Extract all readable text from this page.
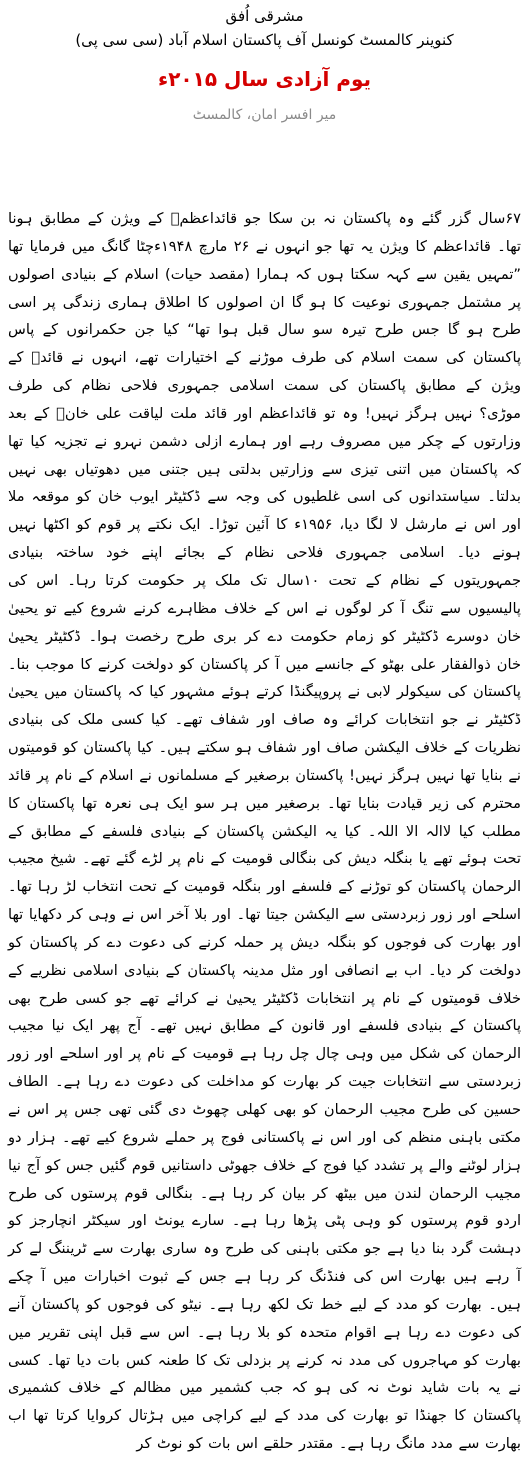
مشرقی اُفق
کنوینر کالمسٹ کونسل آف پاکستان اسلام آباد (سی سی پی)
یوم آزادی سال ۲۰۱۵ء
میر افسر امان، کالمسٹ

۶۷سال گزر گئے وہ پاکستان نہ بن سکا جو قائداعظمؒ کے ویژن کے مطابق ہونا تھا۔ قائداعظم کا ویژن یہ تھا جو انہوں نے ۲۶ مارچ ۱۹۴۸ءچٹا گانگ میں فرمایا تھا ”تمہیں یقین سے کہہ سکتا ہوں کہ ہمارا (مقصد حیات) اسلام کے بنیادی اصولوں پر مشتمل جمہوری نوعیت کا ہو گا ان اصولوں کا اطلاق ہماری زندگی پر اسی طرح ہو گا جس طرح تیرہ سو سال قبل ہوا تھا“ کیا جن حکمرانوں کے پاس پاکستان کی سمت اسلام کی طرف موڑنے کے اختیارات تھے، انہوں نے قائدؒ کے ویژن کے مطابق پاکستان کی سمت اسلامی جمہوری فلاحی نظام کی طرف موڑی؟ نہیں ہرگز نہیں! وہ تو قائداعظم اور قائد ملت لیاقت علی خانؒ کے بعد وزارتوں کے چکر میں مصروف رہے اور ہمارے ازلی دشمن نہرو نے تجزیہ کیا تھا کہ پاکستان میں اتنی تیزی سے وزارتیں بدلتی ہیں جتنی میں دھوتیاں بھی نہیں بدلتا۔ سیاستدانوں کی اسی غلطیوں کی وجہ سے ڈکٹیٹر ایوب خان کو موقعہ ملا اور اس نے مارشل لا لگا دیا، ۱۹۵۶ء کا آئین توڑا۔ ایک نکتے پر قوم کو اکٹھا نہیں ہونے دیا۔ اسلامی جمہوری فلاحی نظام کے بجائے اپنے خود ساختہ بنیادی جمہوریتوں کے نظام کے تحت ۱۰سال تک ملک پر حکومت کرتا رہا۔ اس کی پالیسیوں سے تنگ آ کر لوگوں نے اس کے خلاف مظاہرے کرنے شروع کیے تو یحییٰ خان دوسرے ڈکٹیٹر کو زمام حکومت دے کر بری طرح رخصت ہوا۔ ڈکٹیٹر یحییٰ خان ذوالفقار علی بھٹو کے جانسے میں آ کر پاکستان کو دولخت کرنے کا موجب بنا۔ پاکستان کی سیکولر لابی نے پروپیگنڈا کرتے ہوئے مشہور کیا کہ پاکستان میں یحییٰ ڈکٹیٹر نے جو انتخابات کرائے وہ صاف اور شفاف تھے۔ کیا کسی ملک کی بنیادی نظریات کے خلاف الیکشن صاف اور شفاف ہو سکتے ہیں۔ کیا پاکستان کو قومیتوں نے بنایا تھا نہیں ہرگز نہیں! پاکستان برصغیر کے مسلمانوں نے اسلام کے نام پر قائد محترم کی زیر قیادت بنایا تھا۔ برصغیر میں ہر سو ایک ہی نعرہ تھا پاکستان کا مطلب کیا لاالہ الا اللہ۔ کیا یہ الیکشن پاکستان کے بنیادی فلسفے کے مطابق کے تحت ہوئے تھے یا بنگلہ دیش کی بنگالی قومیت کے نام پر لڑے گئے تھے۔ شیخ مجیب الرحمان پاکستان کو توڑنے کے فلسفے اور بنگلہ قومیت کے تحت انتخاب لڑ رہا تھا۔ اسلحے اور زور زبردستی سے الیکشن جیتا تھا۔ اور بلا آخر اس نے وہی کر دکھایا تھا اور بھارت کی فوجوں کو بنگلہ دیش پر حملہ کرنے کی دعوت دے کر پاکستان کو دولخت کر دیا۔ اب بے انصافی اور مثل مدینہ پاکستان کے بنیادی اسلامی نظریے کے خلاف قومیتوں کے نام پر انتخابات ڈکٹیٹر یحییٰ نے کرائے تھے جو کسی طرح بھی پاکستان کے بنیادی فلسفے اور قانون کے مطابق نہیں تھے۔ آج پھر ایک نیا مجیب الرحمان کی شکل میں وہی چال چل رہا ہے قومیت کے نام پر اور اسلحے اور زور زبردستی سے انتخابات جیت کر بھارت کو مداخلت کی دعوت دے رہا ہے۔ الطاف حسین کی طرح مجیب الرحمان کو بھی کھلی چھوٹ دی گئی تھی جس پر اس نے مکتی باہنی منظم کی اور اس نے پاکستانی فوج پر حملے شروع کیے تھے۔ ہزار دو ہزار لوٹنے والے پر تشدد کیا فوج کے خلاف جھوٹی داستانیں قوم گئیں جس کو آج نیا مجیب الرحمان لندن میں بیٹھ کر بیان کر رہا ہے۔ بنگالی قوم پرستوں کی طرح اردو قوم پرستوں کو وہی پٹی پڑھا رہا ہے۔ سارے یونٹ اور سیکٹر انچارجز کو دہشت گرد بنا دیا ہے جو مکتی باہنی کی طرح وہ ساری بھارت سے ٹریننگ لے کر آ رہے ہیں بھارت اس کی فنڈنگ کر رہا ہے جس کے ثبوت اخبارات میں آ چکے ہیں۔ بھارت کو مدد کے لیے خط تک لکھ رہا ہے۔ نیٹو کی فوجوں کو پاکستان آنے کی دعوت دے رہا ہے اقوام متحدہ کو بلا رہا ہے۔ اس سے قبل اپنی تقریر میں بھارت کو مہاجروں کی مدد نہ کرنے پر بزدلی تک کا طعنہ کس بات دیا تھا۔ کسی نے یہ بات شاید نوٹ نہ کی ہو کہ جب کشمیر میں مظالم کے خلاف کشمیری پاکستان کا جھنڈا تو بھارت کی مدد کے لیے کراچی میں ہڑتال کروایا کرتا تھا اب بھارت سے مدد مانگ رہا ہے۔ مقتدر حلقے اس بات کو نوٹ کر
